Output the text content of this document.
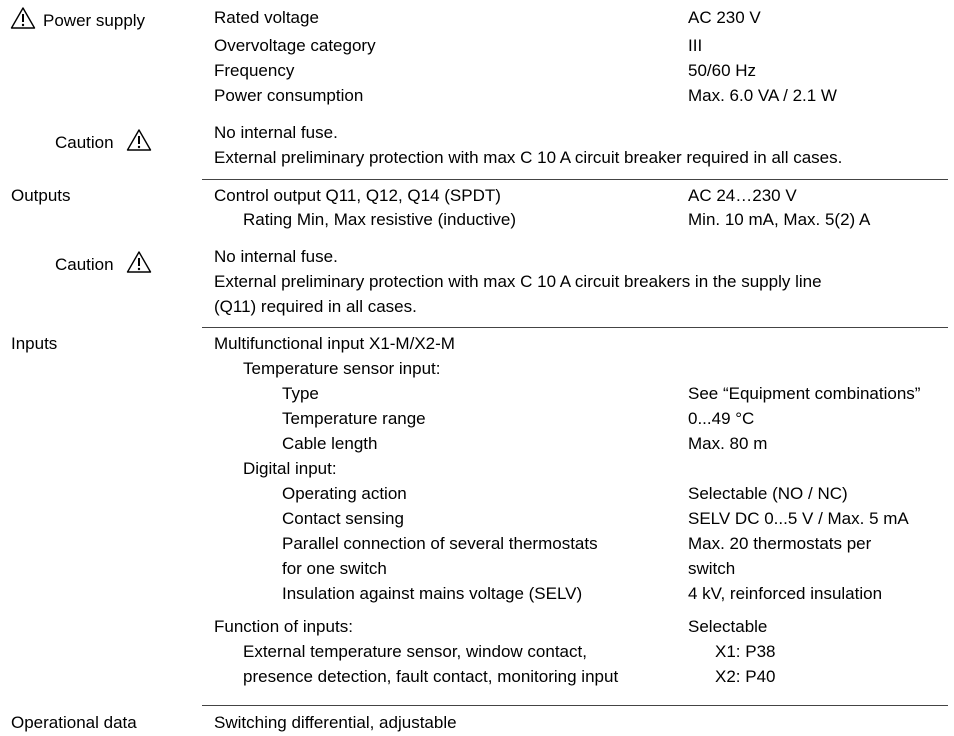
Power supply	Rated voltage	AC 230 V
Overvoltage category	III
Frequency	50/60 Hz
Power consumption	Max. 6.0 VA / 2.1 W
Caution
No internal fuse.
External preliminary protection with max C 10 A circuit breaker required in all cases.
Outputs	Control output Q11, Q12, Q14 (SPDT)	AC 24…230 V
Rating Min, Max resistive (inductive)	Min. 10 mA, Max. 5(2) A
Caution	No internal fuse.
External preliminary protection with max C 10 A circuit breakers in the supply line
(Q11) required in all cases.
Inputs	Multifunctional input X1-M/X2-M
Temperature sensor input:
Type	See “Equipment combinations”
Temperature range	0...49 °C
Cable length	Max. 80 m
Digital input:
Operating action	Selectable (NO / NC)
Contact sensing	SELV DC 0...5 V / Max. 5 mA
Parallel connection of several thermostats	Max. 20 thermostats per
for one switch	switch
Insulation against mains voltage (SELV)	4 kV, reinforced insulation
Function of inputs:	Selectable
External temperature sensor, window contact,	X1: P38
presence detection, fault contact, monitoring input	X2: P40
Operational data	Switching differential, adjustable
